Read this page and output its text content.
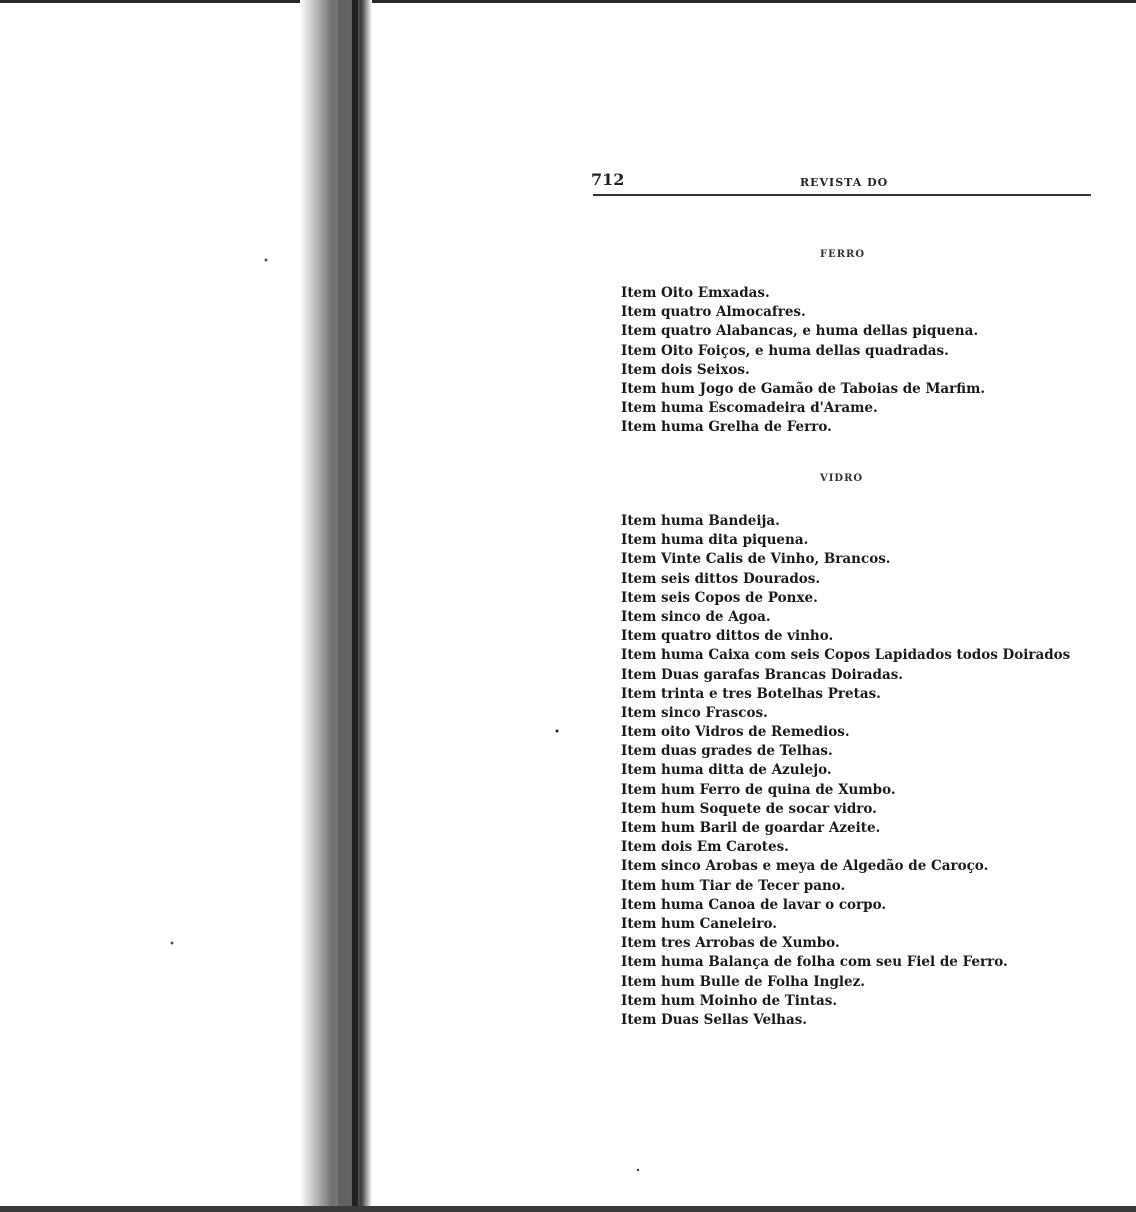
712	REVISTA DO
FERRO
Item Oito Emxadas.
Item quatro Almocafres.
Item quatro Alabancas, e huma dellas piquena.
Item Oito Foiços, e huma dellas quadradas.
Item dois Seixos.
Item hum Jogo de Gamão de Taboias de Marfim.
Item huma Escomadeira d'Arame.
Item huma Grelha de Ferro.
VIDRO
Item huma Bandeija.
Item huma dita piquena.
Item Vinte Calis de Vinho, Brancos.
Item seis dittos Dourados.
Item seis Copos de Ponxe.
Item sinco de Agoa.
Item quatro dittos de vinho.
Item huma Caixa com seis Copos Lapidados todos Doirados
Item Duas garafas Brancas Doiradas.
Item trinta e tres Botelhas Pretas.
Item sinco Frascos.
Item oito Vidros de Remedios.
Item duas grades de Telhas.
Item huma ditta de Azulejo.
Item hum Ferro de quina de Xumbo.
Item hum Soquete de socar vidro.
Item hum Baril de goardar Azeite.
Item dois Em Carotes.
Item sinco Arobas e meya de Algedão de Caroço.
Item hum Tiar de Tecer pano.
Item huma Canoa de lavar o corpo.
Item hum Caneleiro.
Item tres Arrobas de Xumbo.
Item huma Balança de folha com seu Fiel de Ferro.
Item hum Bulle de Folha Inglez.
Item hum Moinho de Tintas.
Item Duas Sellas Velhas.
